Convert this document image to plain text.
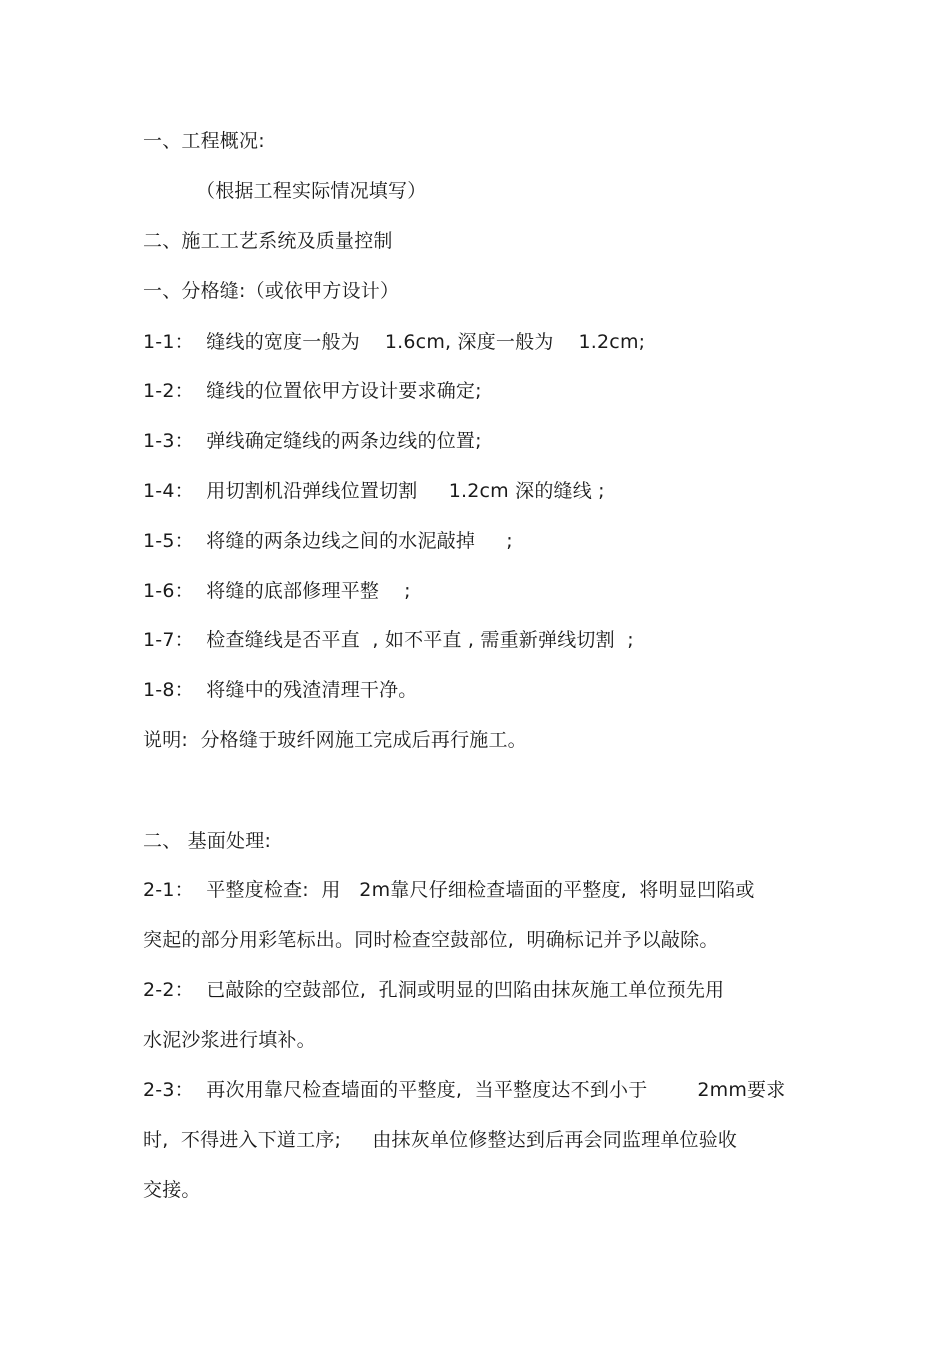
一、工程概况:
（根据工程实际情况填写）
二、施工工艺系统及质量控制
一、分格缝:（或依甲方设计）
1-1：  缝线的宽度一般为    1.6cm, 深度一般为    1.2cm;
1-2：  缝线的位置依甲方设计要求确定;
1-3：  弹线确定缝线的两条边线的位置;
1-4：  用切割机沿弹线位置切割     1.2cm 深的缝线 ;
1-5：  将缝的两条边线之间的水泥敲掉     ;
1-6：  将缝的底部修理平整    ;
1-7：  检查缝线是否平直  , 如不平直 , 需重新弹线切割  ;
1-8：  将缝中的残渣清理干净。
说明:  分格缝于玻纤网施工完成后再行施工。
二、 基面处理:
2-1：  平整度检查:  用   2m靠尺仔细检查墙面的平整度,  将明显凹陷或
突起的部分用彩笔标出。同时检查空鼓部位,  明确标记并予以敲除。
2-2：  已敲除的空鼓部位,  孔洞或明显的凹陷由抹灰施工单位预先用
水泥沙浆进行填补。
2-3：  再次用靠尺检查墙面的平整度,  当平整度达不到小于        2mm要求
时,  不得进入下道工序;     由抹灰单位修整达到后再会同监理单位验收
交接。
